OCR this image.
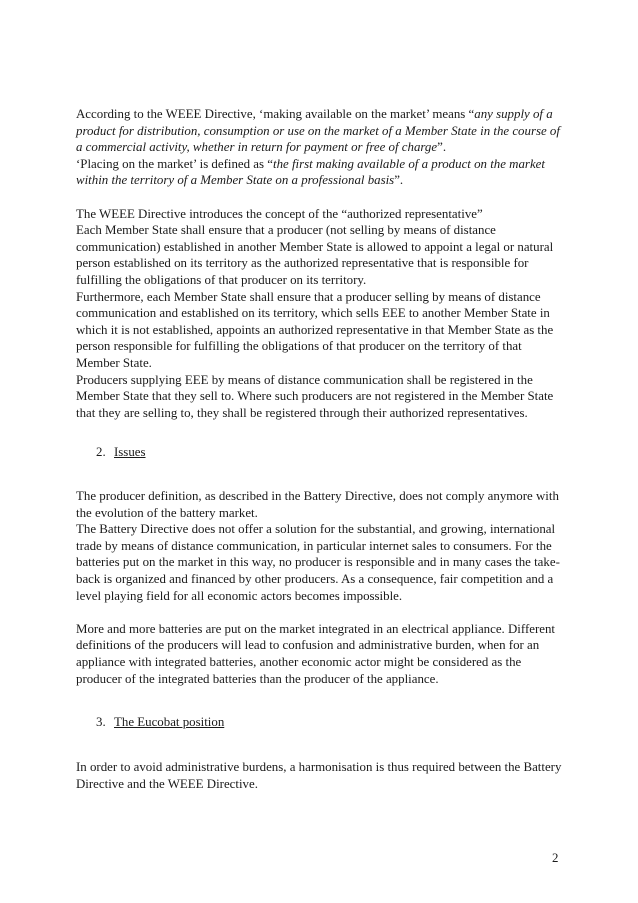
According to the WEEE Directive, ‘making available on the market’ means “any supply of a product for distribution, consumption or use on the market of a Member State in the course of a commercial activity, whether in return for payment or free of charge”.

‘Placing on the market’ is defined as “the first making available of a product on the market within the territory of a Member State on a professional basis”.

The WEEE Directive introduces the concept of the “authorized representative”

Each Member State shall ensure that a producer (not selling by means of distance communication) established in another Member State is allowed to appoint a legal or natural person established on its territory as the authorized representative that is responsible for fulfilling the obligations of that producer on its territory.

Furthermore, each Member State shall ensure that a producer selling by means of distance communication and established on its territory, which sells EEE to another Member State in which it is not established, appoints an authorized representative in that Member State as the person responsible for fulfilling the obligations of that producer on the territory of that Member State.

Producers supplying EEE by means of distance communication shall be registered in the Member State that they sell to. Where such producers are not registered in the Member State that they are selling to, they shall be registered through their authorized representatives.

2. Issues

The producer definition, as described in the Battery Directive, does not comply anymore with the evolution of the battery market.

The Battery Directive does not offer a solution for the substantial, and growing, international trade by means of distance communication, in particular internet sales to consumers. For the batteries put on the market in this way, no producer is responsible and in many cases the take-back is organized and financed by other producers. As a consequence, fair competition and a level playing field for all economic actors becomes impossible.

More and more batteries are put on the market integrated in an electrical appliance. Different definitions of the producers will lead to confusion and administrative burden, when for an appliance with integrated batteries, another economic actor might be considered as the producer of the integrated batteries than the producer of the appliance.

3. The Eucobat position

In order to avoid administrative burdens, a harmonisation is thus required between the Battery Directive and the WEEE Directive.

2
